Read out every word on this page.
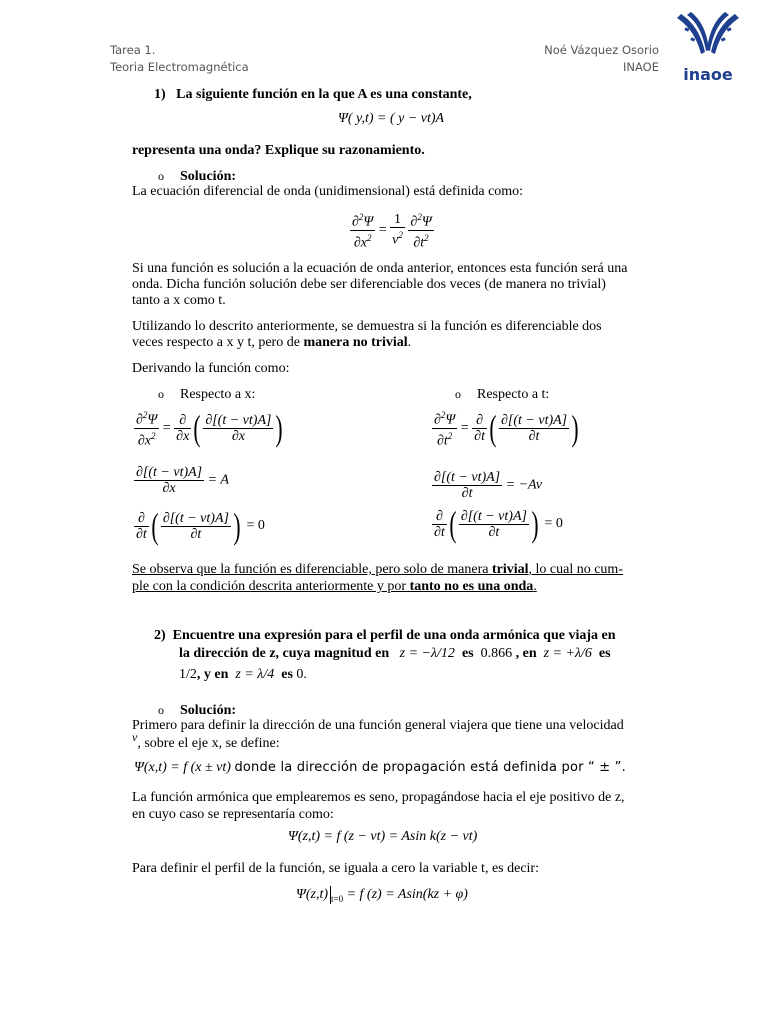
Tarea 1.
Teoria Electromagnética
Noé Vázquez Osorio
INAOE inaoe
1) La siguiente función en la que A es una constante,
Ψ( y,t) = ( y − vt)A
representa una onda? Explique su razonamiento.
o Solución:
La ecuación diferencial de onda (unidimensional) está definida como:
$\frac{\partial^2\Psi}{\partial x^2} = \frac{1}{v^2}$
$\frac{\partial^2\Psi}{\partial t^2}$
Si una función es solución a la ecuación de onda anterior, entonces esta función será una
onda. Dicha función solución debe ser diferenciable dos veces (de manera no trivial)
tanto a x como t.
Utilizando lo descrito anteriormente, se demuestra si la función es diferenciable dos
veces respecto a x y t, pero de manera no trivial.
Derivando la función como:
o Respecto a x:	o Respecto a t:
$\frac{\partial^2\Psi}{\partial x^2} = \frac{\partial}{\partial x}$ ( $\frac{\partial[(t - vt)A]}{\partial x}$ )
$\frac{\partial[(t - vt)A]}{\partial x} = A$
$\frac{\partial}{\partial t}$ ( $\frac{\partial[(t - vt)A]}{\partial t}$ ) = 0
$\frac{\partial^2\Psi}{\partial t^2} = \frac{\partial}{\partial t}$ ( $\frac{\partial[(t - vt)A]}{\partial t}$ )
$\frac{\partial[(t - vt)A]}{\partial t} = -Av$
$\frac{\partial}{\partial t}$ ( $\frac{\partial[(t - vt)A]}{\partial t}$ ) = 0
Se observa que la función es diferenciable, pero solo de manera trivial, lo cual no cum-
ple con la condición descrita anteriormente y por tanto no es una onda.
2) Encuentre una expresión para el perfil de una onda armónica que viaja en
la dirección de z, cuya magnitud en z = −λ/12 es 0.866 , en z = +λ/6 es
1/2, y en z = λ/4 es 0.
o Solución:
Primero para definir la dirección de una función general viajera que tiene una velocidad
v, sobre el eje x, se define:
Ψ(x,t) = f (x ± vt) donde la dirección de propagación está definida por “ ± ”.
La función armónica que emplearemos es seno, propagándose hacia el eje positivo de z,
en cuyo caso se representaría como:
Ψ(z,t) = f (z − vt) = Asin k(z − vt)
Para definir el perfil de la función, se iguala a cero la variable t, es decir:
Ψ(z,t) $_{t=0}$ = f (z) = Asin(kz + φ)
